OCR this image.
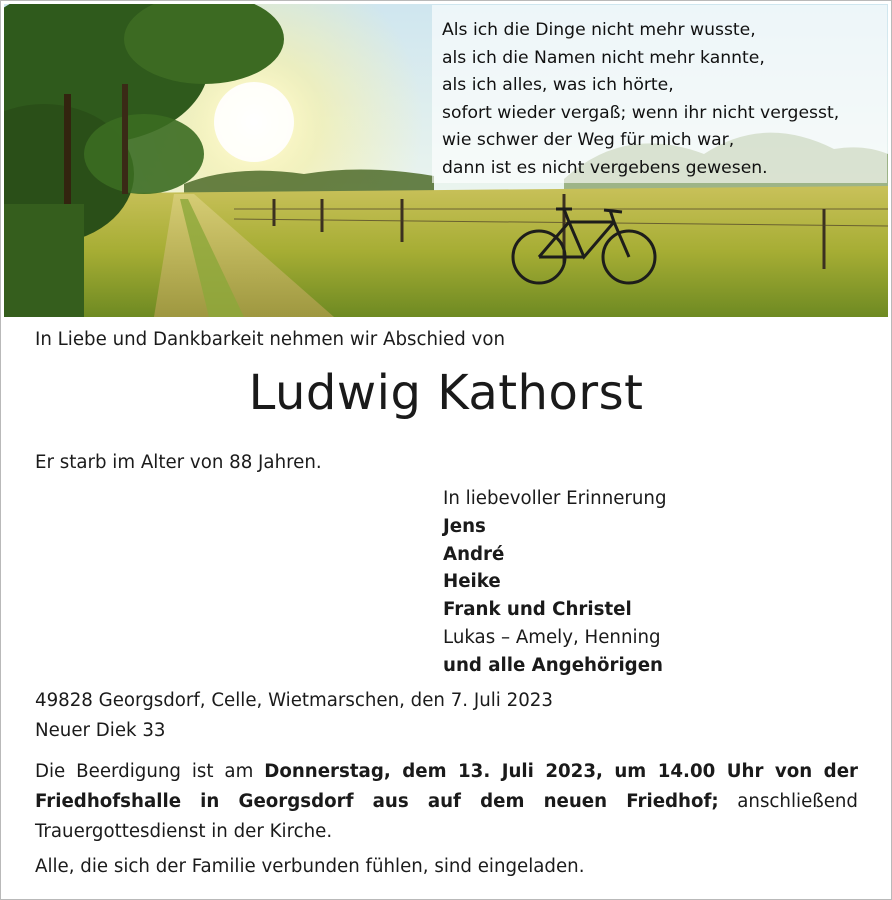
Als ich die Dinge nicht mehr wusste,
als ich die Namen nicht mehr kannte,
als ich alles, was ich hörte,
sofort wieder vergaß; wenn ihr nicht vergesst,
wie schwer der Weg für mich war,
dann ist es nicht vergebens gewesen.
In Liebe und Dankbarkeit nehmen wir Abschied von
Ludwig Kathorst
Er starb im Alter von 88 Jahren.
In liebevoller Erinnerung
Jens
André
Heike
Frank und Christel
Lukas – Amely, Henning
und alle Angehörigen
49828 Georgsdorf, Celle, Wietmarschen, den 7. Juli 2023
Neuer Diek 33
Die Beerdigung ist am Donnerstag, dem 13. Juli 2023, um 14.00 Uhr von der
Friedhofshalle in Georgsdorf aus auf dem neuen Friedhof; anschließend
Trauergottesdienst in der Kirche.
Alle, die sich der Familie verbunden fühlen, sind eingeladen.
